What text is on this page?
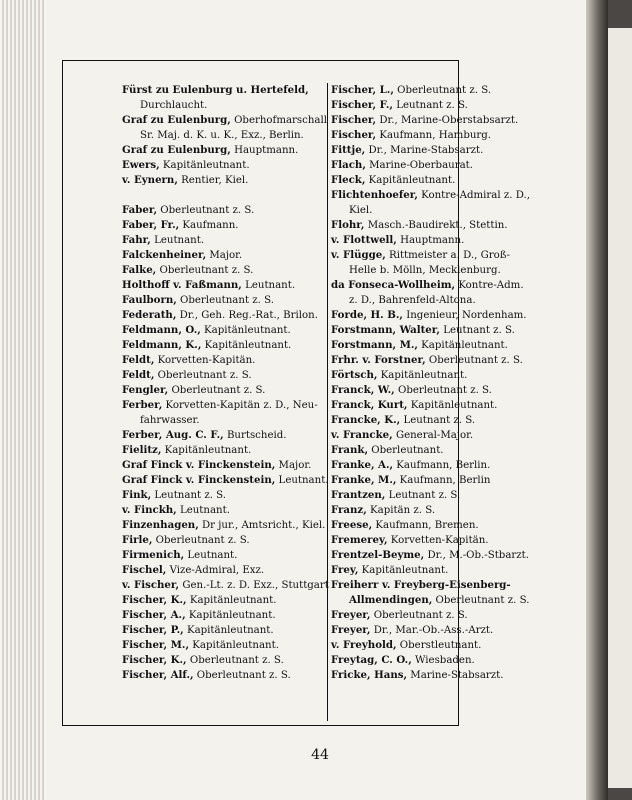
Fürst zu Eulenburg u. Hertefeld,
Durchlaucht.
Graf zu Eulenburg, Oberhofmarschall
Sr. Maj. d. K. u. K., Exz., Berlin.
Graf zu Eulenburg, Hauptmann.
Ewers, Kapitänleutnant.
v. Eynern, Rentier, Kiel.
Faber, Oberleutnant z. S.
Faber, Fr., Kaufmann.
Fahr, Leutnant.
Falckenheiner, Major.
Falke, Oberleutnant z. S.
Holthoff v. Faßmann, Leutnant.
Faulborn, Oberleutnant z. S.
Federath, Dr., Geh. Reg.-Rat., Brilon.
Feldmann, O., Kapitänleutnant.
Feldmann, K., Kapitänleutnant.
Feldt, Korvetten-Kapitän.
Feldt, Oberleutnant z. S.
Fengler, Oberleutnant z. S.
Ferber, Korvetten-Kapitän z. D., Neu-
fahrwasser.
Ferber, Aug. C. F., Burtscheid.
Fielitz, Kapitänleutnant.
Graf Finck v. Finckenstein, Major.
Graf Finck v. Finckenstein, Leutnant.
Fink, Leutnant z. S.
v. Finckh, Leutnant.
Finzenhagen, Dr jur., Amtsricht., Kiel.
Firle, Oberleutnant z. S.
Firmenich, Leutnant.
Fischel, Vize-Admiral, Exz.
v. Fischer, Gen.-Lt. z. D. Exz., Stuttgart
Fischer, K., Kapitänleutnant.
Fischer, A., Kapitänleutnant.
Fischer, P., Kapitänleutnant.
Fischer, M., Kapitänleutnant.
Fischer, K., Oberleutnant z. S.
Fischer, Alf., Oberleutnant z. S.
Fischer, L., Oberleutnant z. S.
Fischer, F., Leutnant z. S.
Fischer, Dr., Marine-Oberstabsarzt.
Fischer, Kaufmann, Hamburg.
Fittje, Dr., Marine-Stabsarzt.
Flach, Marine-Oberbaurat.
Fleck, Kapitänleutnant.
Flichtenhoefer, Kontre-Admiral z. D.,
Kiel.
Flohr, Masch.-Baudirekt., Stettin.
v. Flottwell, Hauptmann.
v. Flügge, Rittmeister a. D., Groß-
Helle b. Mölln, Mecklenburg.
da Fonseca-Wollheim, Kontre-Adm.
z. D., Bahrenfeld-Altona.
Forde, H. B., Ingenieur, Nordenham.
Forstmann, Walter, Leutnant z. S.
Forstmann, M., Kapitänleutnant.
Frhr. v. Forstner, Oberleutnant z. S.
Förtsch, Kapitänleutnant.
Franck, W., Oberleutnant z. S.
Franck, Kurt, Kapitänleutnant.
Francke, K., Leutnant z. S.
v. Francke, General-Major.
Frank, Oberleutnant.
Franke, A., Kaufmann, Berlin.
Franke, M., Kaufmann, Berlin
Frantzen, Leutnant z. S.
Franz, Kapitän z. S.
Freese, Kaufmann, Bremen.
Fremerey, Korvetten-Kapitän.
Frentzel-Beyme, Dr., M.-Ob.-Stbarzt.
Frey, Kapitänleutnant.
Freiherr v. Freyberg-Eisenberg-
Allmendingen, Oberleutnant z. S.
Freyer, Oberleutnant z. S.
Freyer, Dr., Mar.-Ob.-Ass.-Arzt.
v. Freyhold, Oberstleutnant.
Freytag, C. O., Wiesbaden.
Fricke, Hans, Marine-Stabsarzt.
44
